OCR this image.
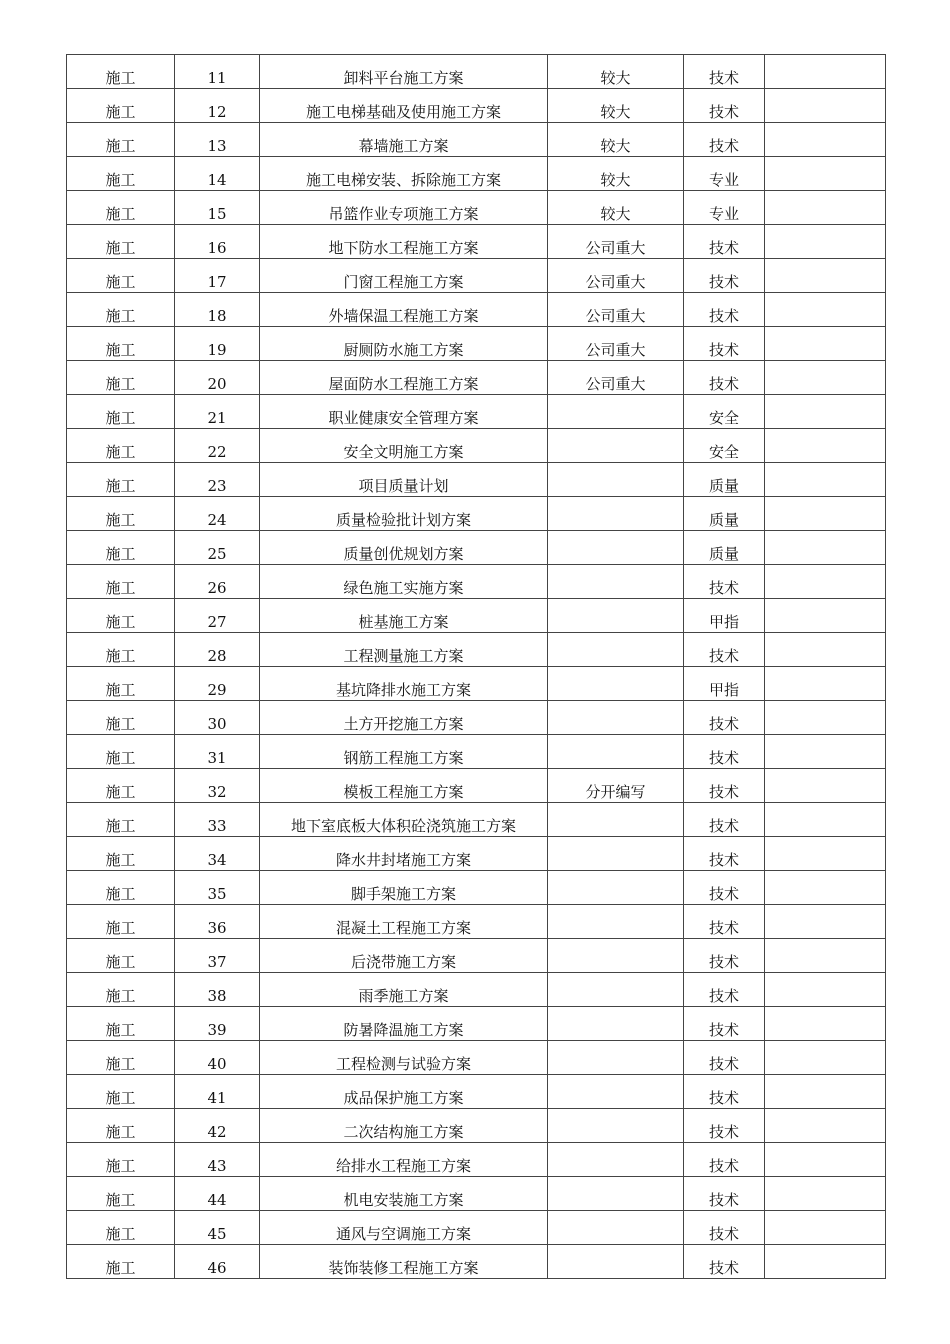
施工	11	卸料平台施工方案	较大	技术	
施工	12	施工电梯基础及使用施工方案	较大	技术	
施工	13	幕墙施工方案	较大	技术	
施工	14	施工电梯安装、拆除施工方案	较大	专业	
施工	15	吊篮作业专项施工方案	较大	专业	
施工	16	地下防水工程施工方案	公司重大	技术	
施工	17	门窗工程施工方案	公司重大	技术	
施工	18	外墙保温工程施工方案	公司重大	技术	
施工	19	厨厕防水施工方案	公司重大	技术	
施工	20	屋面防水工程施工方案	公司重大	技术	
施工	21	职业健康安全管理方案		安全	
施工	22	安全文明施工方案		安全	
施工	23	项目质量计划		质量	
施工	24	质量检验批计划方案		质量	
施工	25	质量创优规划方案		质量	
施工	26	绿色施工实施方案		技术	
施工	27	桩基施工方案		甲指	
施工	28	工程测量施工方案		技术	
施工	29	基坑降排水施工方案		甲指	
施工	30	土方开挖施工方案		技术	
施工	31	钢筋工程施工方案		技术	
施工	32	模板工程施工方案	分开编写	技术	
施工	33	地下室底板大体积砼浇筑施工方案		技术	
施工	34	降水井封堵施工方案		技术	
施工	35	脚手架施工方案		技术	
施工	36	混凝土工程施工方案		技术	
施工	37	后浇带施工方案		技术	
施工	38	雨季施工方案		技术	
施工	39	防暑降温施工方案		技术	
施工	40	工程检测与试验方案		技术	
施工	41	成品保护施工方案		技术	
施工	42	二次结构施工方案		技术	
施工	43	给排水工程施工方案		技术	
施工	44	机电安装施工方案		技术	
施工	45	通风与空调施工方案		技术	
施工	46	装饰装修工程施工方案		技术	
